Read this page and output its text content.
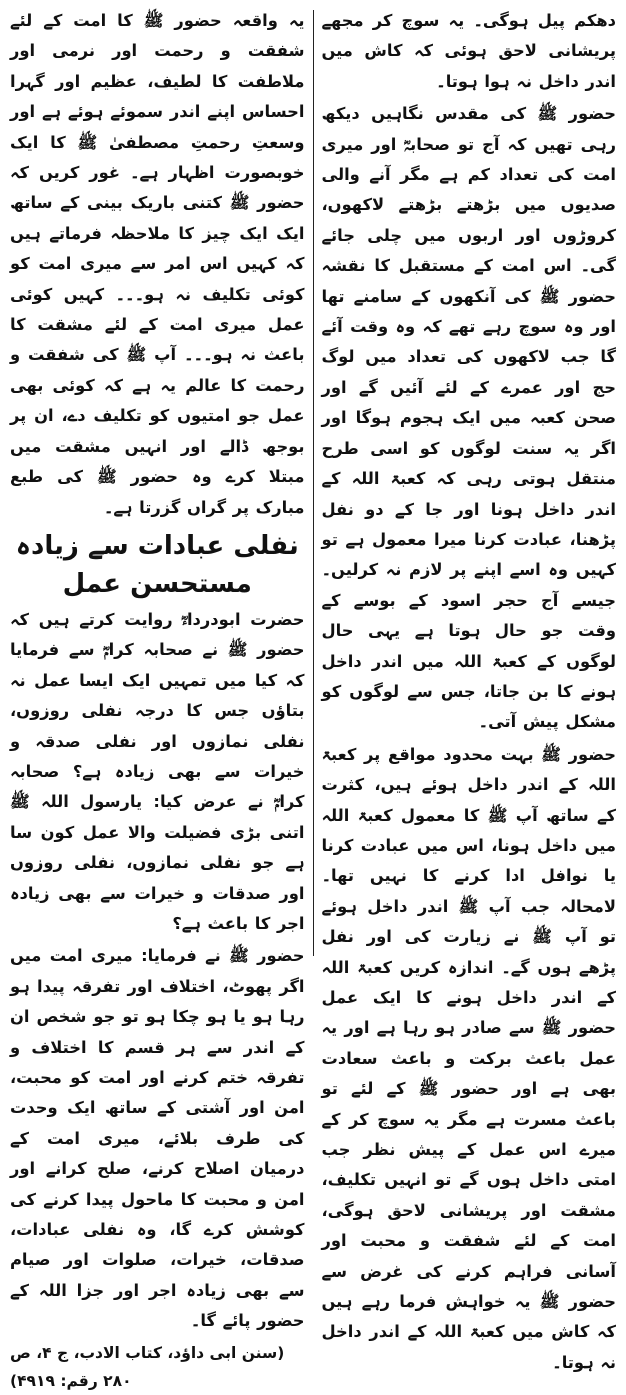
دھکم پیل ہوگی۔ یہ سوچ کر مجھے پریشانی لاحق ہوئی کہ کاش میں اندر داخل نہ ہوا ہوتا۔

حضور ﷺ کی مقدس نگاہیں دیکھ رہی تھیں کہ آج تو صحابہؓ اور میری امت کی تعداد کم ہے مگر آنے والی صدیوں میں بڑھتے بڑھتے لاکھوں، کروڑوں اور اربوں میں چلی جائے گی۔ اس امت کے مستقبل کا نقشہ حضور ﷺ کی آنکھوں کے سامنے تھا اور وہ سوچ رہے تھے کہ وہ وقت آئے گا جب لاکھوں کی تعداد میں لوگ حج اور عمرے کے لئے آئیں گے اور صحن کعبہ میں ایک ہجوم ہوگا اور اگر یہ سنت لوگوں کو اسی طرح منتقل ہوتی رہی کہ کعبۃ اللہ کے اندر داخل ہونا اور جا کے دو نفل پڑھنا، عبادت کرنا میرا معمول ہے تو کہیں وہ اسے اپنے پر لازم نہ کرلیں۔ جیسے آج حجر اسود کے بوسے کے وقت جو حال ہوتا ہے یہی حال لوگوں کے کعبۃ اللہ میں اندر داخل ہونے کا بن جاتا، جس سے لوگوں کو مشکل پیش آتی۔

حضور ﷺ بہت محدود مواقع پر کعبۃ اللہ کے اندر داخل ہوئے ہیں، کثرت کے ساتھ آپ ﷺ کا معمول کعبۃ اللہ میں داخل ہونا، اس میں عبادت کرنا یا نوافل ادا کرنے کا نہیں تھا۔ لامحالہ جب آپ ﷺ اندر داخل ہوئے تو آپ ﷺ نے زیارت کی اور نفل پڑھے ہوں گے۔ اندازہ کریں کعبۃ اللہ کے اندر داخل ہونے کا ایک عمل حضور ﷺ سے صادر ہو رہا ہے اور یہ عمل باعث برکت و باعث سعادت بھی ہے اور حضور ﷺ کے لئے تو باعث مسرت ہے مگر یہ سوچ کر کے میرے اس عمل کے پیش نظر جب امتی داخل ہوں گے تو انہیں تکلیف، مشقت اور پریشانی لاحق ہوگی، امت کے لئے شفقت و محبت اور آسانی فراہم کرنے کی غرض سے حضور ﷺ یہ خواہش فرما رہے ہیں کہ کاش میں کعبۃ اللہ کے اندر داخل نہ ہوتا۔

یہ واقعہ حضور ﷺ کا امت کے لئے شفقت و رحمت اور نرمی اور ملاطفت کا لطیف، عظیم اور گہرا احساس اپنے اندر سموئے ہوئے ہے اور وسعتِ رحمتِ مصطفیٰ ﷺ کا ایک خوبصورت اظہار ہے۔ غور کریں کہ حضور ﷺ کتنی باریک بینی کے ساتھ ایک ایک چیز کا ملاحظہ فرماتے ہیں کہ کہیں اس امر سے میری امت کو کوئی تکلیف نہ ہو۔۔۔ کہیں کوئی عمل میری امت کے لئے مشقت کا باعث نہ ہو۔۔۔ آپ ﷺ کی شفقت و رحمت کا عالم یہ ہے کہ کوئی بھی عمل جو امتیوں کو تکلیف دے، ان پر بوجھ ڈالے اور انہیں مشقت میں مبتلا کرے وہ حضور ﷺ کی طبع مبارک پر گراں گزرتا ہے۔

نفلی عبادات سے زیادہ مستحسن عمل

حضرت ابودرداءؓ روایت کرتے ہیں کہ حضور ﷺ نے صحابہ کرامؓ سے فرمایا کہ کیا میں تمہیں ایک ایسا عمل نہ بتاؤں جس کا درجہ نفلی روزوں، نفلی نمازوں اور نفلی صدقہ و خیرات سے بھی زیادہ ہے؟ صحابہ کرامؓ نے عرض کیا: یارسول اللہ ﷺ اتنی بڑی فضیلت والا عمل کون سا ہے جو نفلی نمازوں، نفلی روزوں اور صدقات و خیرات سے بھی زیادہ اجر کا باعث ہے؟

حضور ﷺ نے فرمایا: میری امت میں اگر پھوٹ، اختلاف اور تفرقہ پیدا ہو رہا ہو یا ہو چکا ہو تو جو شخص ان کے اندر سے ہر قسم کا اختلاف و تفرقہ ختم کرنے اور امت کو محبت، امن اور آشتی کے ساتھ ایک وحدت کی طرف بلائے، میری امت کے درمیان اصلاح کرنے، صلح کرانے اور امن و محبت کا ماحول پیدا کرنے کی کوشش کرے گا، وہ نفلی عبادات، صدقات، خیرات، صلوات اور صیام سے بھی زیادہ اجر اور جزا اللہ کے حضور پائے گا۔

(سنن ابی داؤد، کتاب الادب، ج ۴، ص ۲۸۰ رقم: ۴۹۱۹)
